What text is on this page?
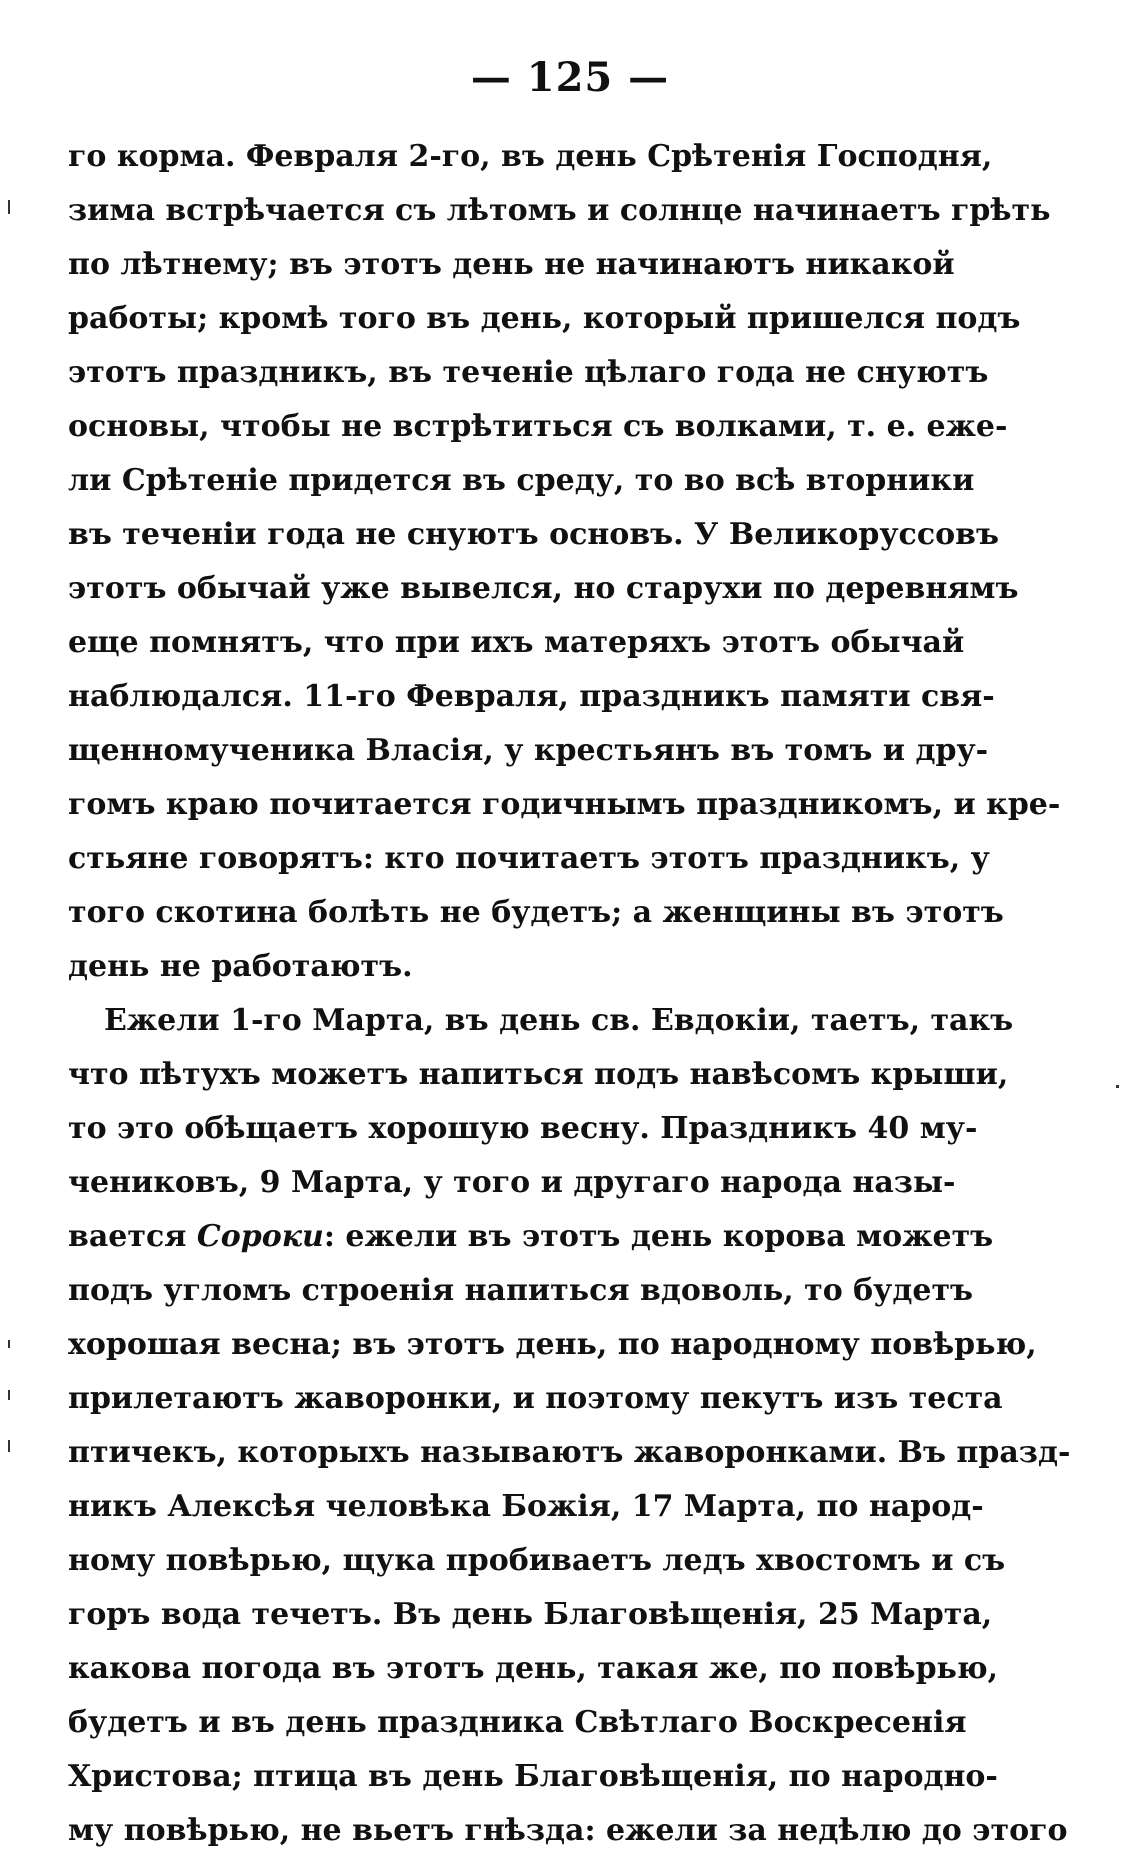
— 125 —
го корма. Февраля 2-го, въ день Срѣтенія Господня,
зима встрѣчается съ лѣтомъ и солнце начинаетъ грѣть
по лѣтнему; въ этотъ день не начинаютъ никакой
работы; кромѣ того въ день, который пришелся подъ
этотъ праздникъ, въ теченіе цѣлаго года не снуютъ
основы, чтобы не встрѣтиться съ волками, т. е. еже-
ли Срѣтеніе придется въ среду, то во всѣ вторники
въ теченіи года не снуютъ основъ. У Великоруссовъ
этотъ обычай уже вывелся, но старухи по деревнямъ
еще помнятъ, что при ихъ матеряхъ этотъ обычай
наблюдался. 11-го Февраля, праздникъ памяти свя-
щенномученика Власія, у крестьянъ въ томъ и дру-
гомъ краю почитается годичнымъ праздникомъ, и кре-
стьяне говорятъ: кто почитаетъ этотъ праздникъ, у
того скотина болѣть не будетъ; а женщины въ этотъ
день не работаютъ.
Ежели 1-го Марта, въ день св. Евдокіи, таетъ, такъ
что пѣтухъ можетъ напиться подъ навѣсомъ крыши,
то это обѣщаетъ хорошую весну. Праздникъ 40 му-
чениковъ, 9 Марта, у того и другаго народа назы-
вается Сороки: ежели въ этотъ день корова можетъ
подъ угломъ строенія напиться вдоволь, то будетъ
хорошая весна; въ этотъ день, по народному повѣрью,
прилетаютъ жаворонки, и поэтому пекутъ изъ теста
птичекъ, которыхъ называютъ жаворонками. Въ празд-
никъ Алексѣя человѣка Божія, 17 Марта, по народ-
ному повѣрью, щука пробиваетъ ледъ хвостомъ и съ
горъ вода течетъ. Въ день Благовѣщенія, 25 Марта,
какова погода въ этотъ день, такая же, по повѣрью,
будетъ и въ день праздника Свѣтлаго Воскресенія
Христова; птица въ день Благовѣщенія, по народно-
му повѣрью, не вьетъ гнѣзда: ежели за недѣлю до этого
